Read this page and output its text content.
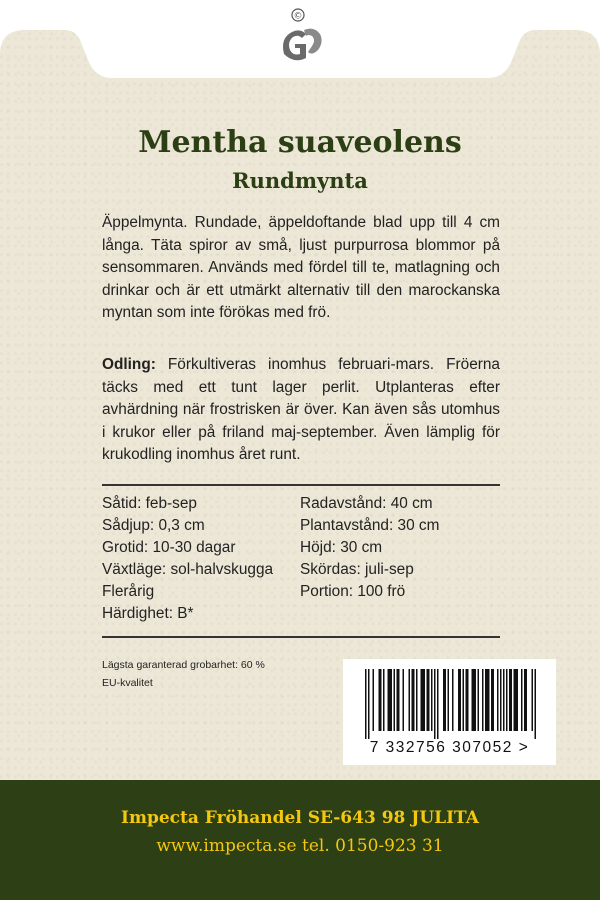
©
Mentha suaveolens
Rundmynta
Äppelmynta. Rundade, äppeldoftande blad upp till 4 cm långa. Täta spiror av små, ljust purpurrosa blommor på sensommaren. Används med fördel till te, matlagning och drinkar och är ett utmärkt alternativ till den marockanska myntan som inte förökas med frö.
Odling: Förkultiveras inomhus februari-mars. Fröerna täcks med ett tunt lager perlit. Utplanteras efter avhärdning när frostrisken är över. Kan även sås utomhus i krukor eller på friland maj-september. Även lämplig för krukodling inomhus året runt.
Såtid: feb-sep
Sådjup: 0,3 cm
Grotid: 10-30 dagar
Växtläge: sol-halvskugga
Flerårig
Härdighet: B*
Radavstånd: 40 cm
Plantavstånd: 30 cm
Höjd: 30 cm
Skördas: juli-sep
Portion: 100 frö
Lägsta garanterad grobarhet: 60 %
EU-kvalitet
7 332756 307052 >
Impecta Fröhandel SE-643 98 JULITA
www.impecta.se tel. 0150-923 31
